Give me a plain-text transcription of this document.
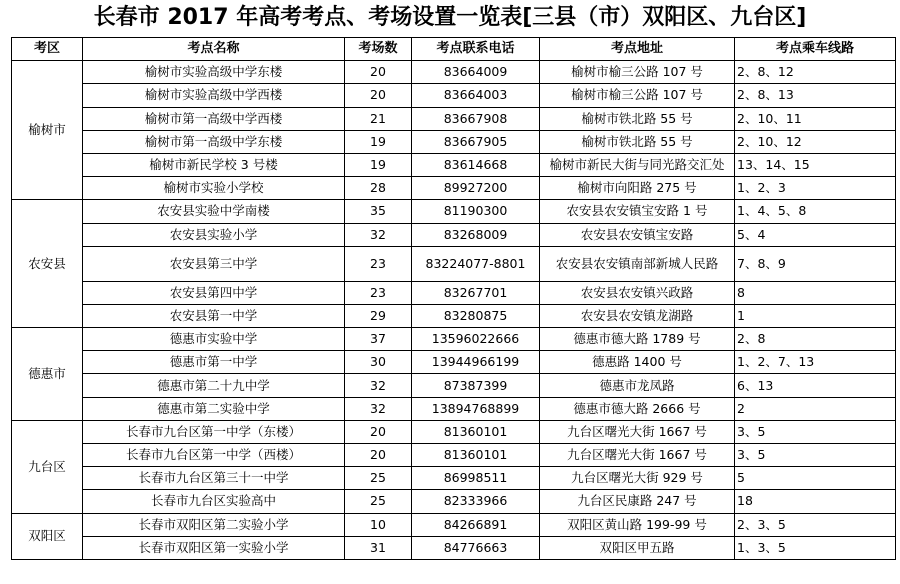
长春市 2017 年高考考点、考场设置一览表[三县（市）双阳区、九台区]
考区	考点名称	考场数	考点联系电话	考点地址	考点乘车线路
榆树市	榆树市实验高级中学东楼	20	83664009	榆树市榆三公路 107 号	2、8、12
	榆树市实验高级中学西楼	20	83664003	榆树市榆三公路 107 号	2、8、13
	榆树市第一高级中学西楼	21	83667908	榆树市铁北路 55 号	2、10、11
	榆树市第一高级中学东楼	19	83667905	榆树市铁北路 55 号	2、10、12
	榆树市新民学校 3 号楼	19	83614668	榆树市新民大街与同光路交汇处	13、14、15
	榆树市实验小学校	28	89927200	榆树市向阳路 275 号	1、2、3
农安县	农安县实验中学南楼	35	81190300	农安县农安镇宝安路 1 号	1、4、5、8
	农安县实验小学	32	83268009	农安县农安镇宝安路	5、4
	农安县第三中学	23	83224077-8801	农安县农安镇南部新城人民路	7、8、9
	农安县第四中学	23	83267701	农安县农安镇兴政路	8
	农安县第一中学	29	83280875	农安县农安镇龙湖路	1
德惠市	德惠市实验中学	37	13596022666	德惠市德大路 1789 号	2、8
	德惠市第一中学	30	13944966199	德惠路 1400 号	1、2、7、13
	德惠市第二十九中学	32	87387399	德惠市龙凤路	6、13
	德惠市第二实验中学	32	13894768899	德惠市德大路 2666 号	2
九台区	长春市九台区第一中学（东楼）	20	81360101	九台区曙光大街 1667 号	3、5
	长春市九台区第一中学（西楼）	20	81360101	九台区曙光大街 1667 号	3、5
	长春市九台区第三十一中学	25	86998511	九台区曙光大街 929 号	5
	长春市九台区实验高中	25	82333966	九台区民康路 247 号	18
双阳区	长春市双阳区第二实验小学	10	84266891	双阳区黄山路 199-99 号	2、3、5
	长春市双阳区第一实验小学	31	84776663	双阳区甲五路	1、3、5
